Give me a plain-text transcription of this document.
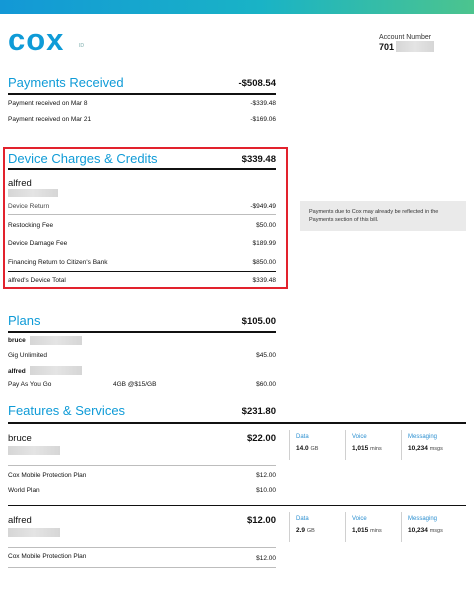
cox	ID
Account Number
701
Payments Received	-$508.54
Payment received on Mar 8	-$339.48
Payment received on Mar 21	-$169.06
Device Charges & Credits	$339.48
alfred
Device Return	-$949.49
Restocking Fee	$50.00
Device Damage Fee	$189.99
Financing Return to Citizen's Bank	$850.00
alfred's Device Total	$339.48
Payments due to Cox may already be reflected in the Payments section of this bill.
Plans	$105.00
bruce
Gig Unlimited	$45.00
alfred
Pay As You Go	4GB @$15/GB	$60.00
Features & Services	$231.80
bruce	$22.00	Data
14.0 GB
Voice
1,015 mins
Messaging
10,234 msgs
Cox Mobile Protection Plan	$12.00
World Plan	$10.00
alfred	$12.00	Data
2.9 GB
Voice
1,015 mins
Messaging
10,234 msgs
Cox Mobile Protection Plan	$12.00
